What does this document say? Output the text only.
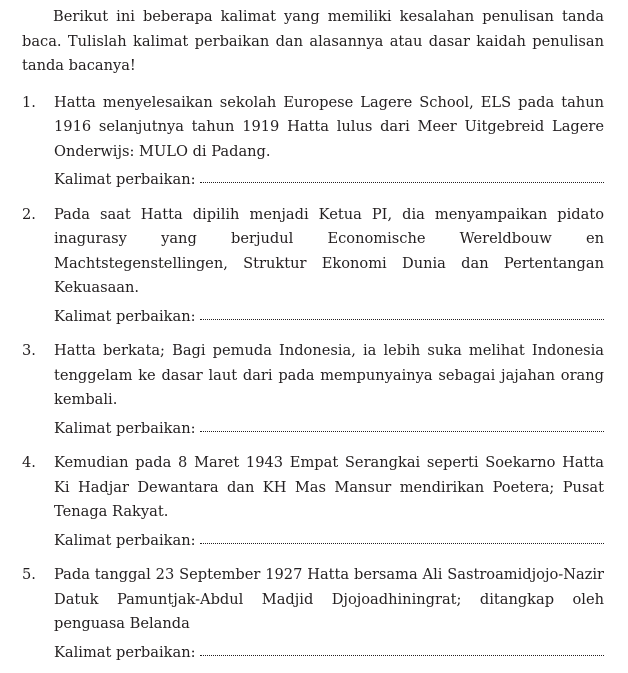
Berikut ini beberapa kalimat yang memiliki kesalahan penulisan tanda baca. Tulislah kalimat perbaikan dan alasannya atau dasar kaidah penulisan tanda bacanya!

1.	Hatta menyelesaikan sekolah Europese Lagere School, ELS pada tahun 1916 selanjutnya tahun 1919 Hatta lulus dari Meer Uitgebreid Lagere Onderwijs: MULO di Padang.

Kalimat perbaikan:
2.	Pada saat Hatta dipilih menjadi Ketua PI, dia menyampaikan pidato inagurasy yang berjudul Economische Wereldbouw en Machtstegenstellingen, Struktur Ekonomi Dunia dan Pertentangan Kekuasaan.

Kalimat perbaikan:
3.	Hatta berkata; Bagi pemuda Indonesia, ia lebih suka melihat Indonesia tenggelam ke dasar laut dari pada mempunyainya sebagai jajahan orang kembali.

Kalimat perbaikan:
4.	Kemudian pada 8 Maret 1943 Empat Serangkai seperti Soekarno Hatta Ki Hadjar Dewantara dan KH Mas Mansur mendirikan Poetera; Pusat Tenaga Rakyat.

Kalimat perbaikan:
5.	Pada tanggal 23 September 1927 Hatta bersama Ali Sastroamidjojo-Nazir Datuk Pamuntjak-Abdul Madjid Djojoadhiningrat; ditangkap oleh penguasa Belanda

Kalimat perbaikan:
